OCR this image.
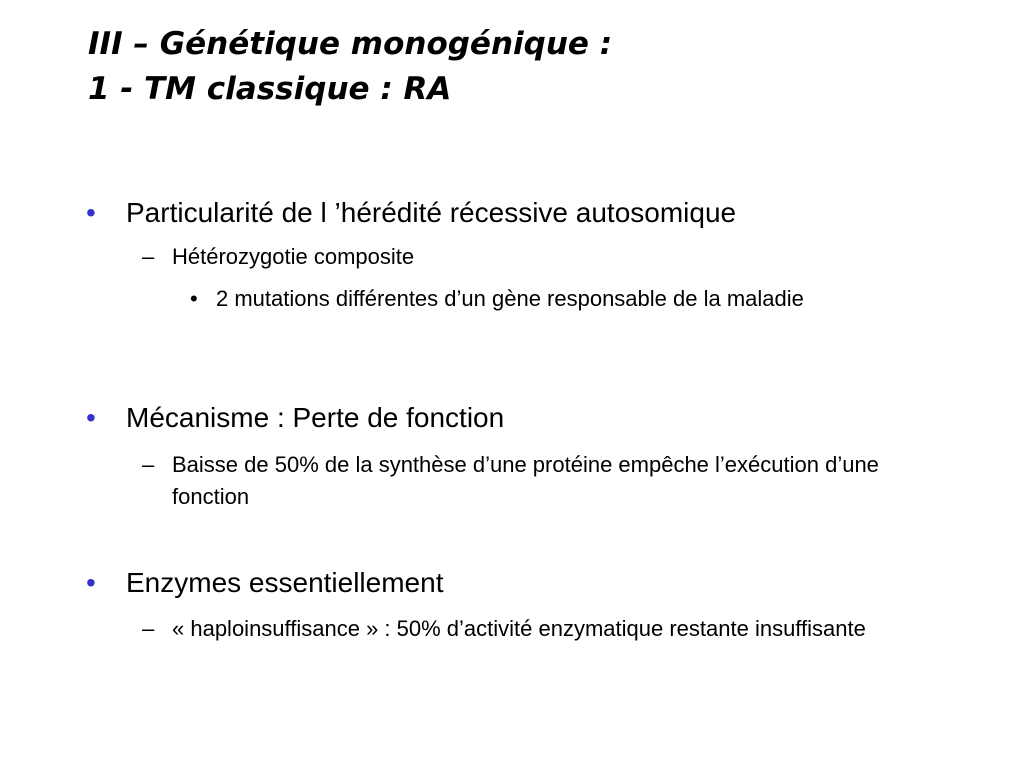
III – Génétique monogénique :
1 - TM classique : RA
• Particularité de l ’hérédité récessive autosomique
– Hétérozygotie composite
• 2 mutations différentes d’un gène responsable de la maladie
• Mécanisme : Perte de fonction
– Baisse de 50% de la synthèse d’une protéine empêche l’exécution d’une fonction
• Enzymes essentiellement
– « haploinsuffisance » : 50% d’activité enzymatique restante insuffisante
